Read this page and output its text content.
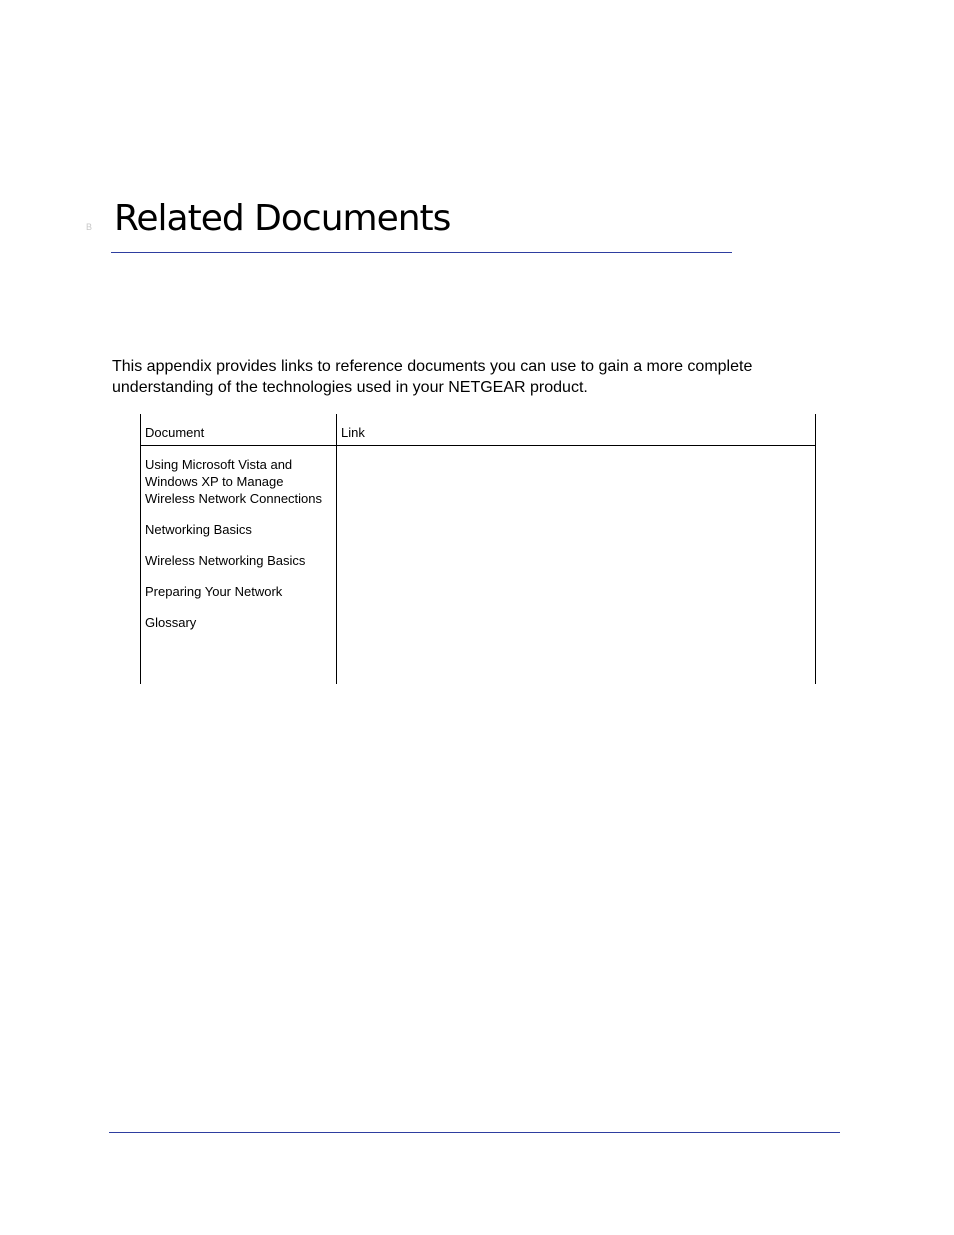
B Related Documents

This appendix provides links to reference documents you can use to gain a more complete understanding of the technologies used in your NETGEAR product.

Document	Link
Using Microsoft Vista and Windows XP to Manage Wireless Network Connections
Networking Basics
Wireless Networking Basics
Preparing Your Network
Glossary
